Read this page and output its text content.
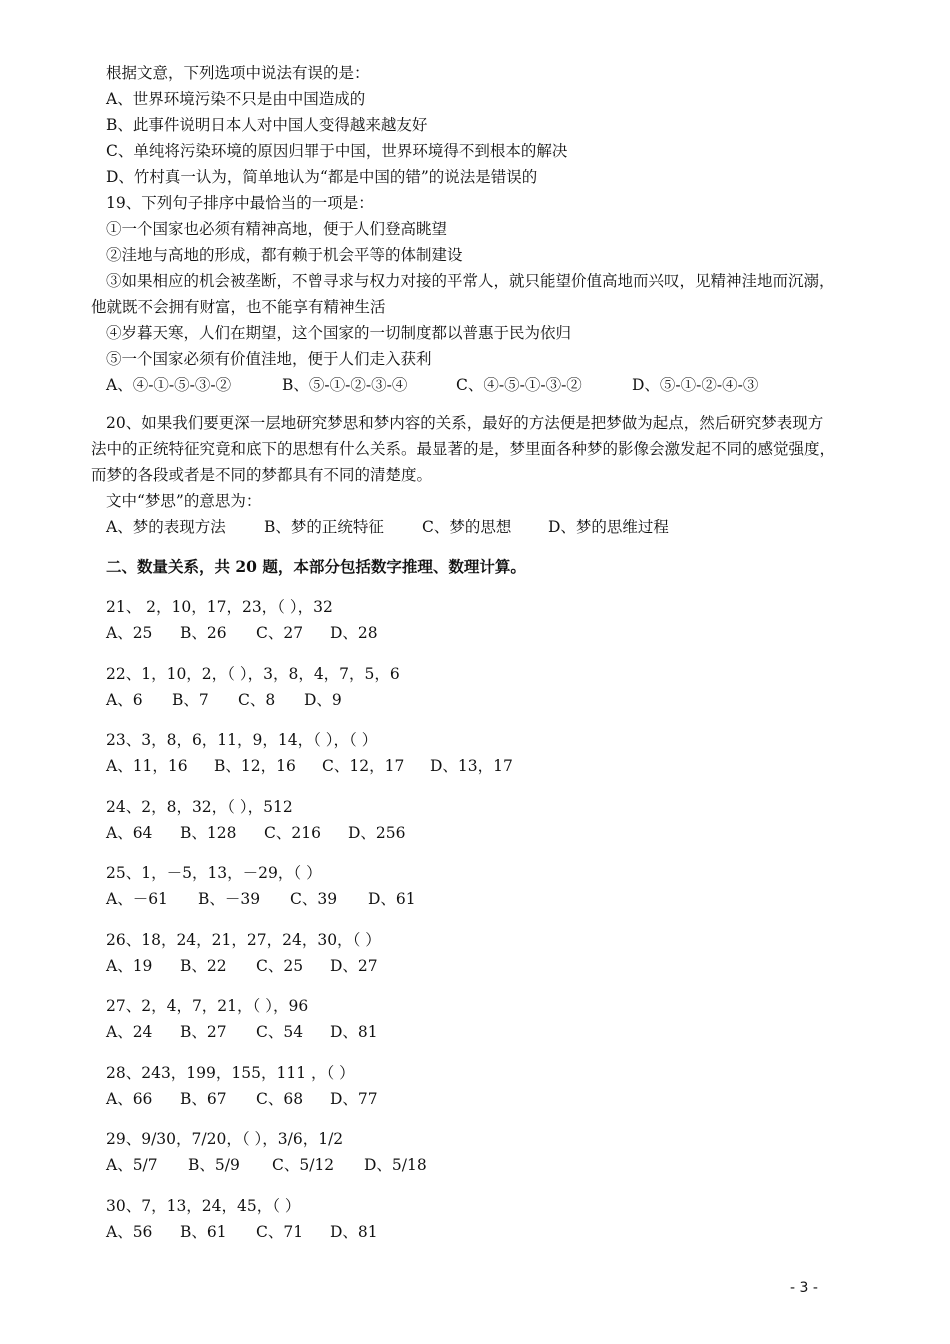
根据文意，下列选项中说法有误的是：
A、世界环境污染不只是由中国造成的
B、此事件说明日本人对中国人变得越来越友好
C、单纯将污染环境的原因归罪于中国，世界环境得不到根本的解决
D、竹村真一认为，简单地认为“都是中国的错”的说法是错误的
19、下列句子排序中最恰当的一项是：
①一个国家也必须有精神高地，便于人们登高眺望
②洼地与高地的形成，都有赖于机会平等的体制建设
③如果相应的机会被垄断，不曾寻求与权力对接的平常人，就只能望价值高地而兴叹，见精神洼地而沉溺，
他就既不会拥有财富，也不能享有精神生活
④岁暮天寒，人们在期望，这个国家的一切制度都以普惠于民为依归
⑤一个国家必须有价值洼地，便于人们走入获利
A、④-①-⑤-③-②	B、⑤-①-②-③-④	C、④-⑤-①-③-②	D、⑤-①-②-④-③
20、如果我们要更深一层地研究梦思和梦内容的关系，最好的方法便是把梦做为起点，然后研究梦表现方
法中的正统特征究竟和底下的思想有什么关系。最显著的是，梦里面各种梦的影像会激发起不同的感觉强度，
而梦的各段或者是不同的梦都具有不同的清楚度。
文中“梦思”的意思为：
A、梦的表现方法 B、梦的正统特征 C、梦的思想 D、梦的思维过程
二、数量关系，共 20 题，本部分包括数字推理、数理计算。
21、 2，10，17，23，（ ），32
A、25 B、26 C、27 D、28
22、1，10，2，（ ），3，8，4，7，5，6
A、6 B、7 C、8 D、9
23、3，8，6，11，9，14，（ ），（ ）
A、11，16 B、12，16 C、12，17 D、13，17
24、2，8，32，（ ），512
A、64 B、128 C、216 D、256
25、1，－5，13，－29，（ ）
A、－61 B、－39 C、39 D、61
26、18，24，21，27，24，30，（ ）
A、19 B、22 C、25 D、27
27、2，4，7，21，（ ），96
A、24 B、27 C、54 D、81
28、243，199，155，111 ，（ ）
A、66 B、67 C、68 D、77
29、9/30，7/20，（ ），3/6，1/2
A、5/7 B、5/9 C、5/12 D、5/18
30、7，13，24，45，（ ）
A、56 B、61 C、71 D、81
- 3 -
